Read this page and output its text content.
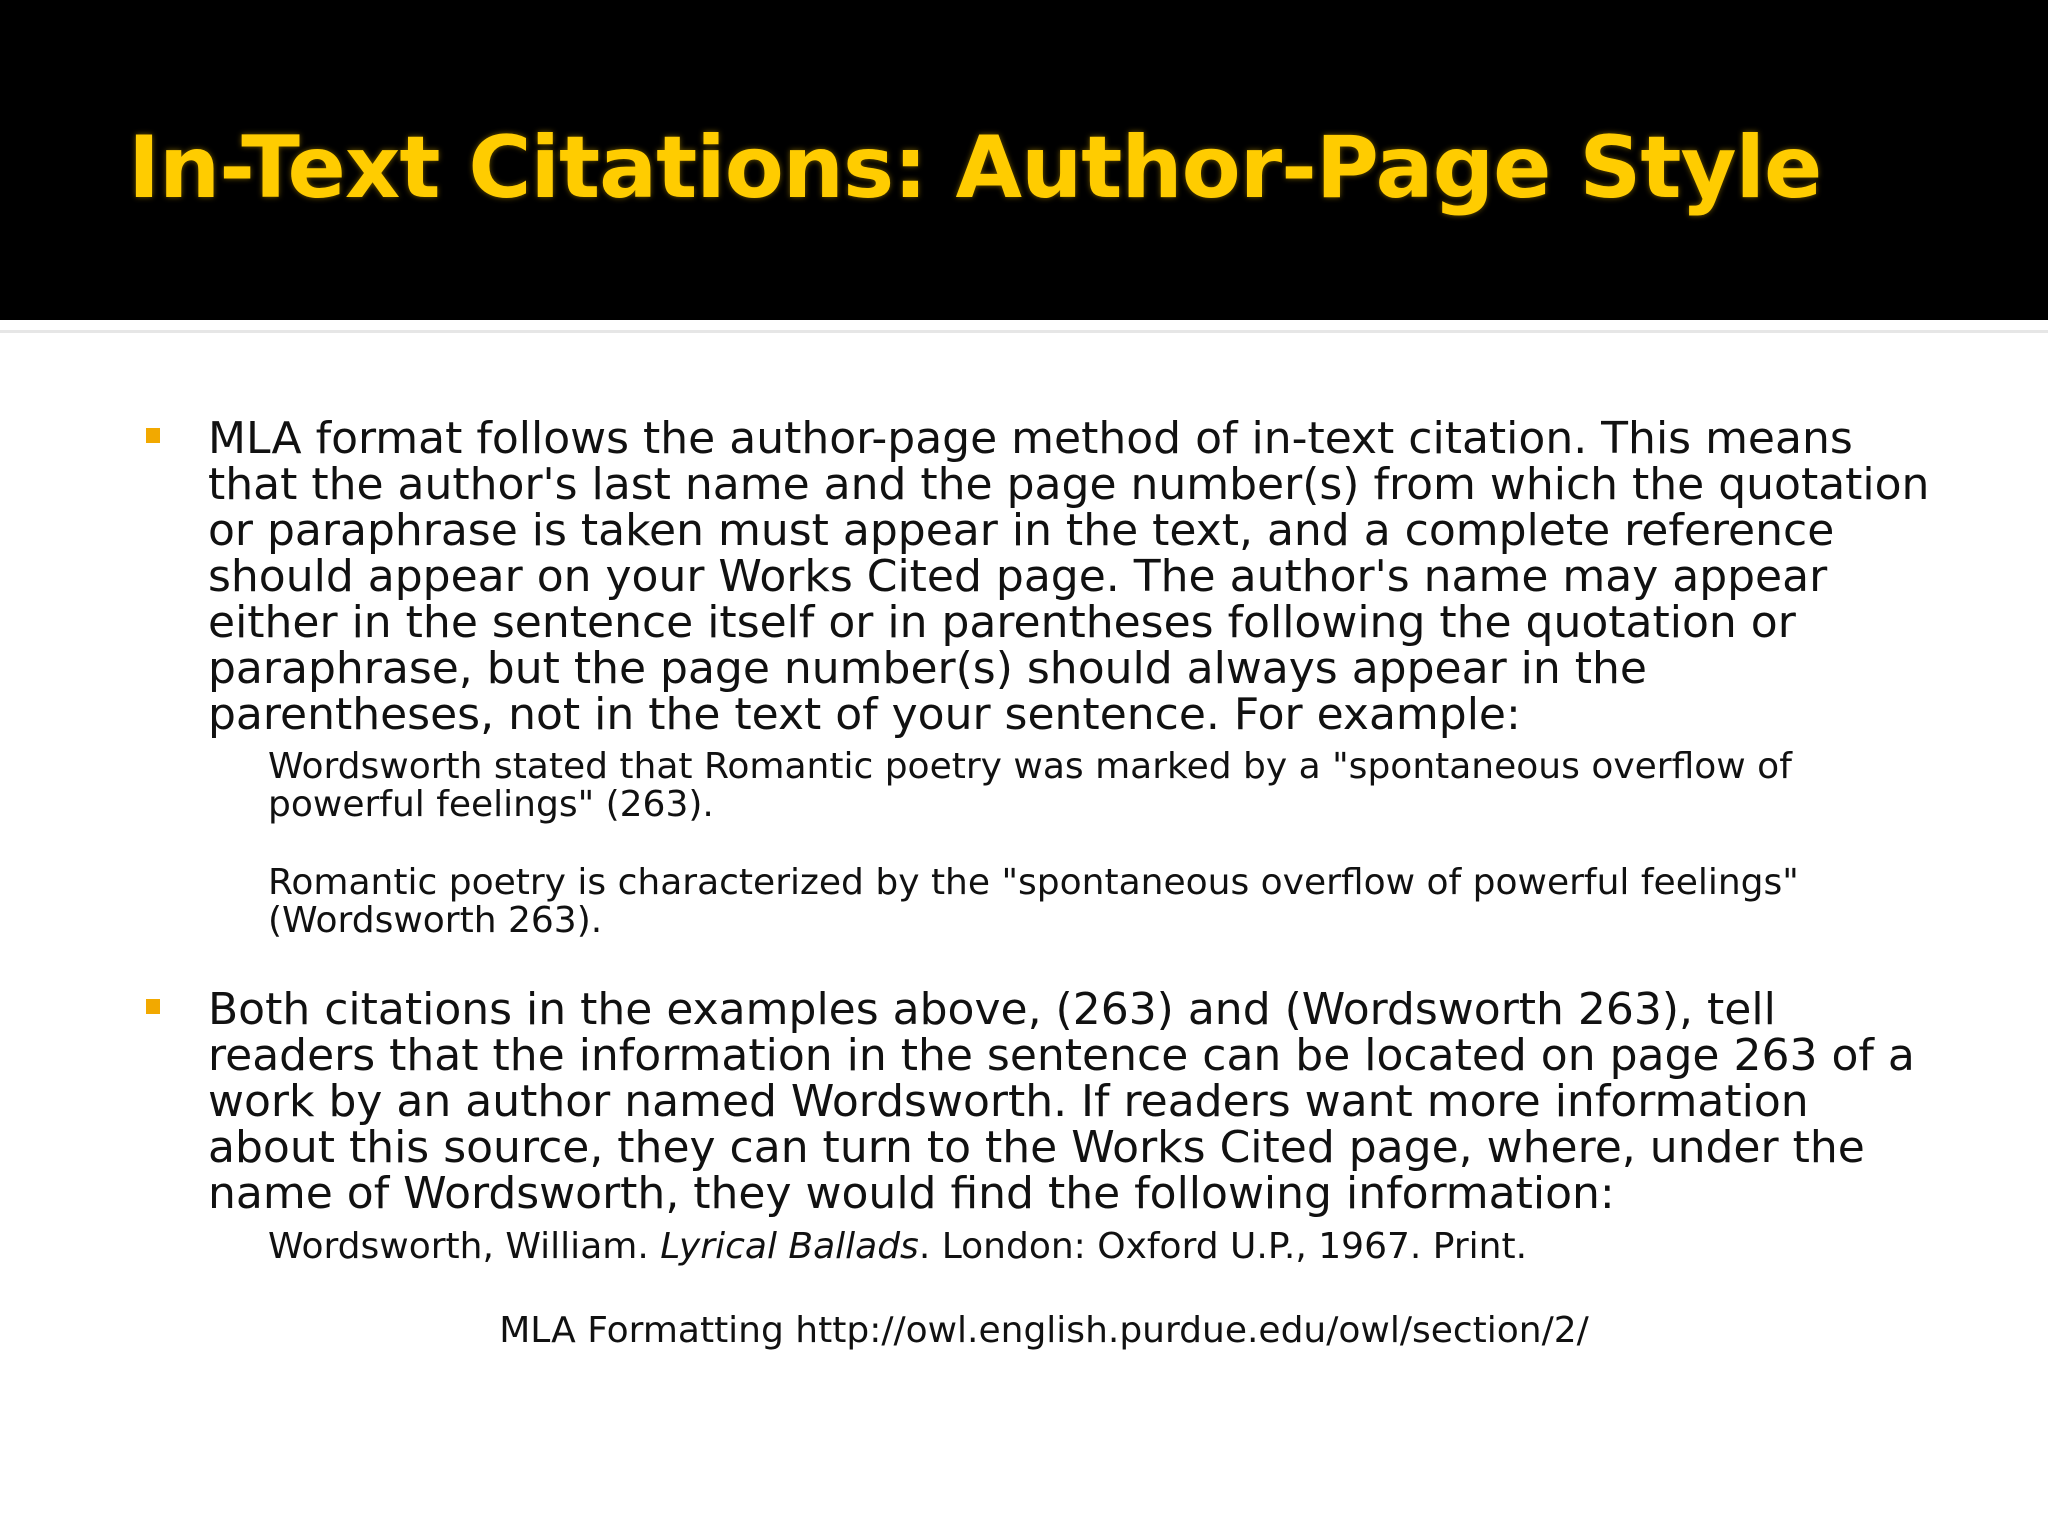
In-Text Citations: Author-Page Style
MLA format follows the author-page method of in-text citation. This means that the author's last name and the page number(s) from which the quotation or paraphrase is taken must appear in the text, and a complete reference should appear on your Works Cited page. The author's name may appear either in the sentence itself or in parentheses following the quotation or paraphrase, but the page number(s) should always appear in the parentheses, not in the text of your sentence. For example:
Wordsworth stated that Romantic poetry was marked by a "spontaneous overflow of powerful feelings" (263).
Romantic poetry is characterized by the "spontaneous overflow of powerful feelings" (Wordsworth 263).
Both citations in the examples above, (263) and (Wordsworth 263), tell readers that the information in the sentence can be located on page 263 of a work by an author named Wordsworth. If readers want more information about this source, they can turn to the Works Cited page, where, under the name of Wordsworth, they would find the following information:
Wordsworth, William. Lyrical Ballads. London: Oxford U.P., 1967. Print.
MLA Formatting http://owl.english.purdue.edu/owl/section/2/
